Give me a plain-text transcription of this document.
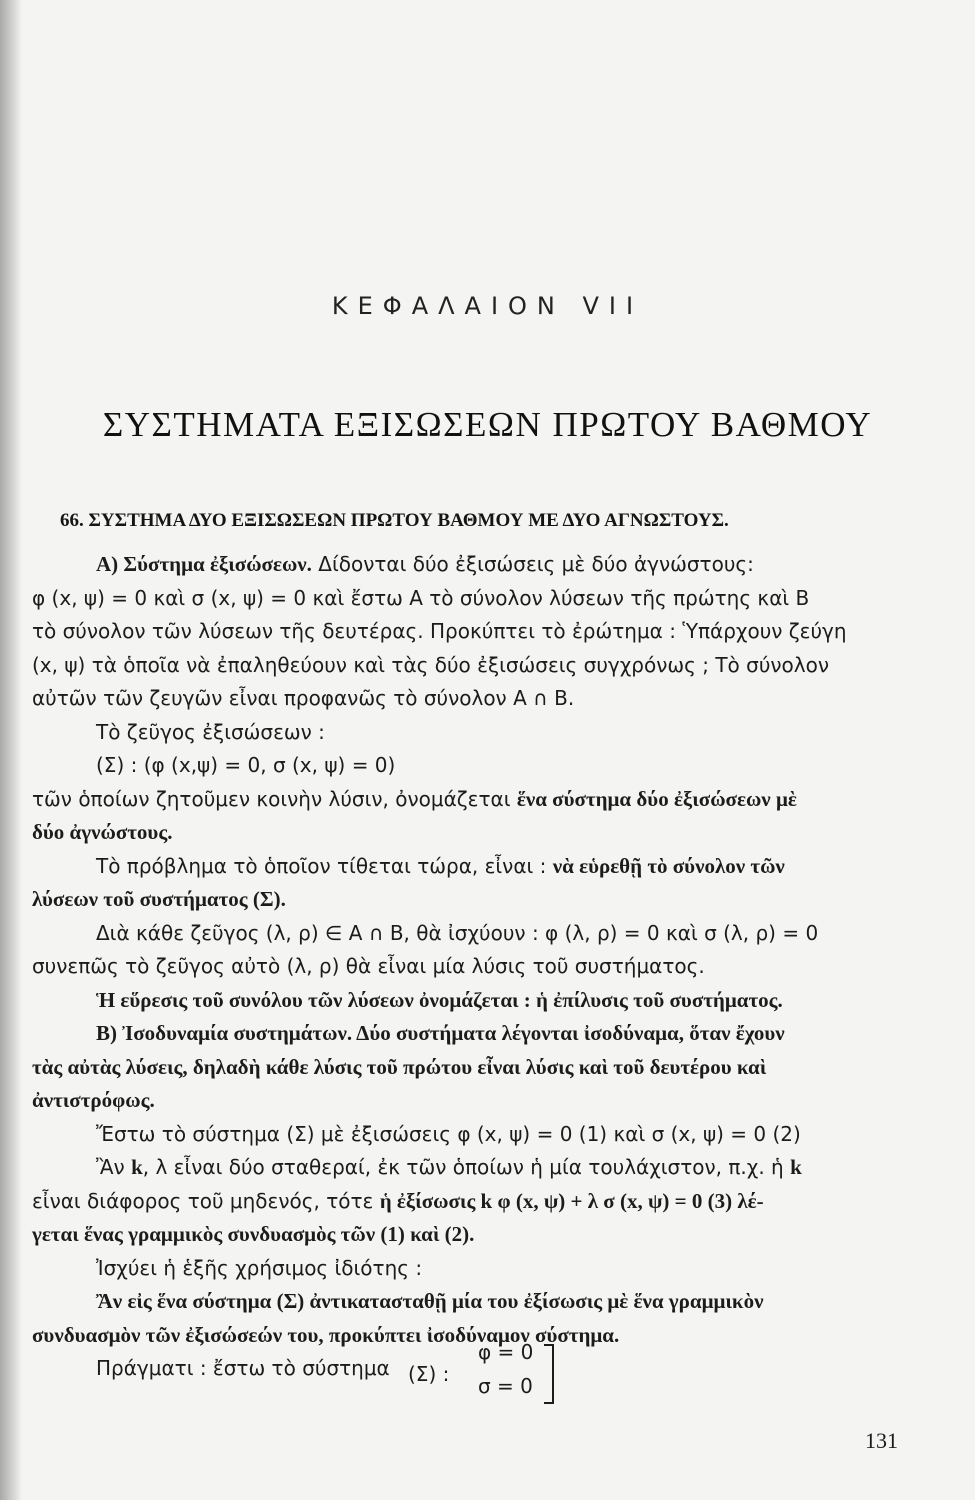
ΚΕΦΑΛΑΙΟΝ VII
ΣΥΣΤΗΜΑΤΑ ΕΞΙΣΩΣΕΩΝ ΠΡΩΤΟΥ ΒΑΘΜΟΥ
66. ΣΥΣΤΗΜΑ ΔΥΟ ΕΞΙΣΩΣΕΩΝ ΠΡΩΤΟΥ ΒΑΘΜΟΥ ΜΕ ΔΥΟ ΑΓΝΩΣΤΟΥΣ.
Α) Σύστημα ἐξισώσεων. Δίδονται δύο ἐξισώσεις μὲ δύο ἀγνώστους:
φ (x, ψ) = 0 καὶ σ (x, ψ) = 0 καὶ ἔστω Α τὸ σύνολον λύσεων τῆς πρώτης καὶ Β
τὸ σύνολον τῶν λύσεων τῆς δευτέρας. Προκύπτει τὸ ἐρώτημα : Ὑπάρχουν ζεύγη
(x, ψ) τὰ ὁποῖα νὰ ἐπαληθεύουν καὶ τὰς δύο ἐξισώσεις συγχρόνως ; Τὸ σύνολον
αὐτῶν τῶν ζευγῶν εἶναι προφανῶς τὸ σύνολον Α ∩ Β.
Τὸ ζεῦγος ἐξισώσεων :
(Σ) : (φ (x,ψ) = 0, σ (x, ψ) = 0)
τῶν ὁποίων ζητοῦμεν κοινὴν λύσιν, ὀνομάζεται ἕνα σύστημα δύο ἐξισώσεων μὲ
δύο ἀγνώστους.
Τὸ πρόβλημα τὸ ὁποῖον τίθεται τώρα, εἶναι : νὰ εὑρεθῇ τὸ σύνολον τῶν
λύσεων τοῦ συστήματος (Σ).
Διὰ κάθε ζεῦγος (λ, ρ) ∈ Α ∩ Β, θὰ ἰσχύουν : φ (λ, ρ) = 0 καὶ σ (λ, ρ) = 0
συνεπῶς τὸ ζεῦγος αὐτὸ (λ, ρ) θὰ εἶναι μία λύσις τοῦ συστήματος.
Ἡ εὕρεσις τοῦ συνόλου τῶν λύσεων ὀνομάζεται : ἡ ἐπίλυσις τοῦ συστήματος.
Β) Ἰσοδυναμία συστημάτων. Δύο συστήματα λέγονται ἰσοδύναμα, ὅταν ἔχουν
τὰς αὐτὰς λύσεις, δηλαδὴ κάθε λύσις τοῦ πρώτου εἶναι λύσις καὶ τοῦ δευτέρου καὶ
ἀντιστρόφως.
Ἔστω τὸ σύστημα (Σ) μὲ ἐξισώσεις φ (x, ψ) = 0 (1) καὶ σ (x, ψ) = 0 (2)
Ἂν k, λ εἶναι δύο σταθεραί, ἐκ τῶν ὁποίων ἡ μία τουλάχιστον, π.χ. ἡ k
εἶναι διάφορος τοῦ μηδενός, τότε ἡ ἐξίσωσις k φ (x, ψ) + λ σ (x, ψ) = 0 (3) λέ-
γεται ἕνας γραμμικὸς συνδυασμὸς τῶν (1) καὶ (2).
Ἰσχύει ἡ ἑξῆς χρήσιμος ἰδιότης :
Ἂν εἰς ἕνα σύστημα (Σ) ἀντικατασταθῇ μία του ἐξίσωσις μὲ ἕνα γραμμικὸν
συνδυασμὸν τῶν ἐξισώσεών του, προκύπτει ἰσοδύναμον σύστημα.
Πράγματι : ἔστω τὸ σύστημα (Σ) :
φ = 0
σ = 0
131
